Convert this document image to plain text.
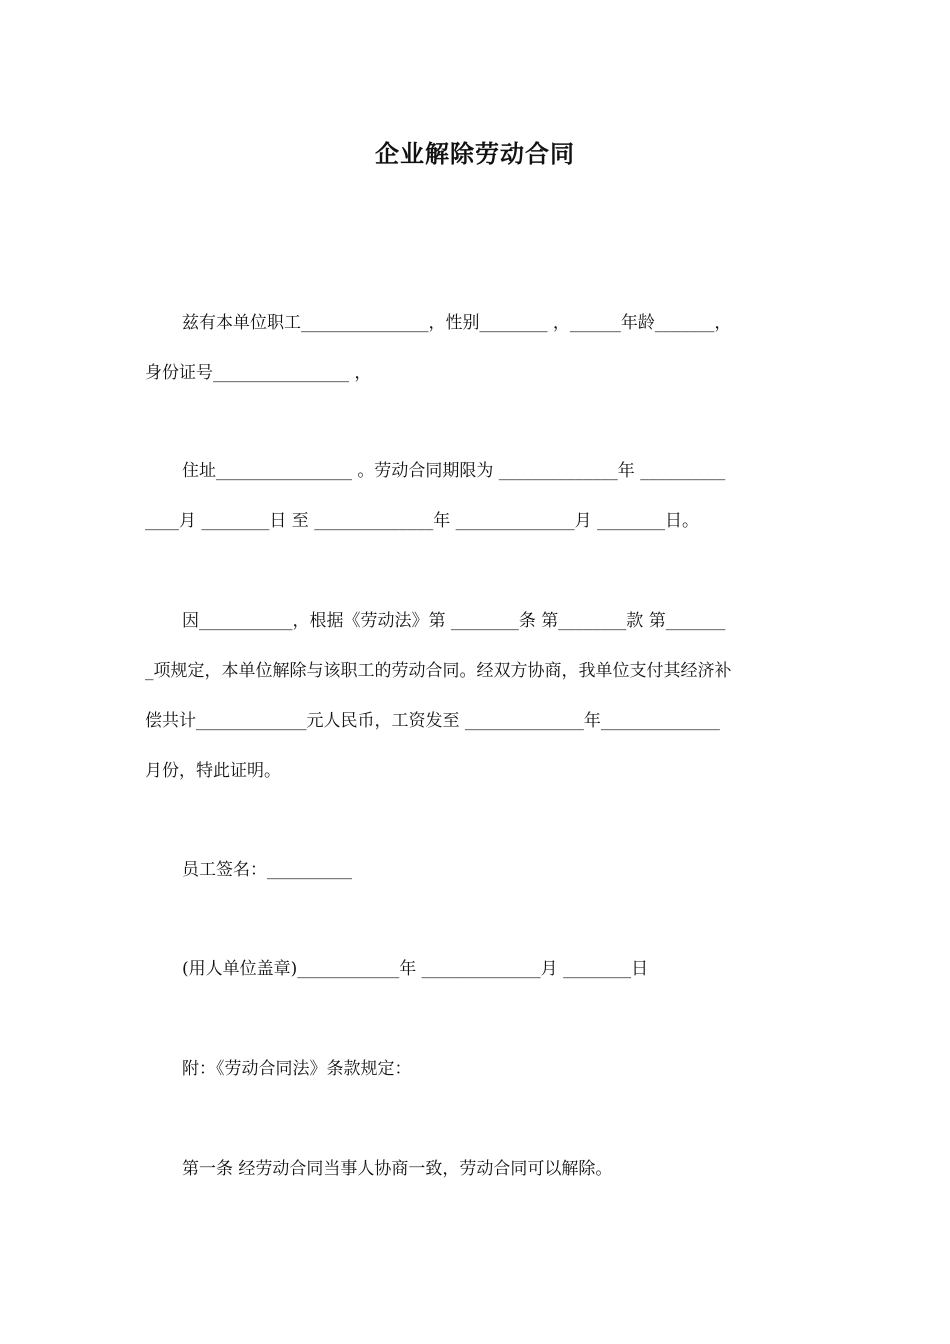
企业解除劳动合同
兹有本单位职工_______________，性别________ ，______年龄_______，
身份证号________________ ，
住址________________ 。劳动合同期限为 ______________年 __________
____月 ________日 至 ______________年 ______________月 ________日。
因___________，根据《劳动法》第 ________条 第________款 第_______
_项规定，本单位解除与该职工的劳动合同。经双方协商，我单位支付其经济补
偿共计_____________元人民币，工资发至 ______________年______________
月份，特此证明。
员工签名：__________
(用人单位盖章)____________年 ______________月 ________日
附：《劳动合同法》条款规定：
第一条 经劳动合同当事人协商一致，劳动合同可以解除。
